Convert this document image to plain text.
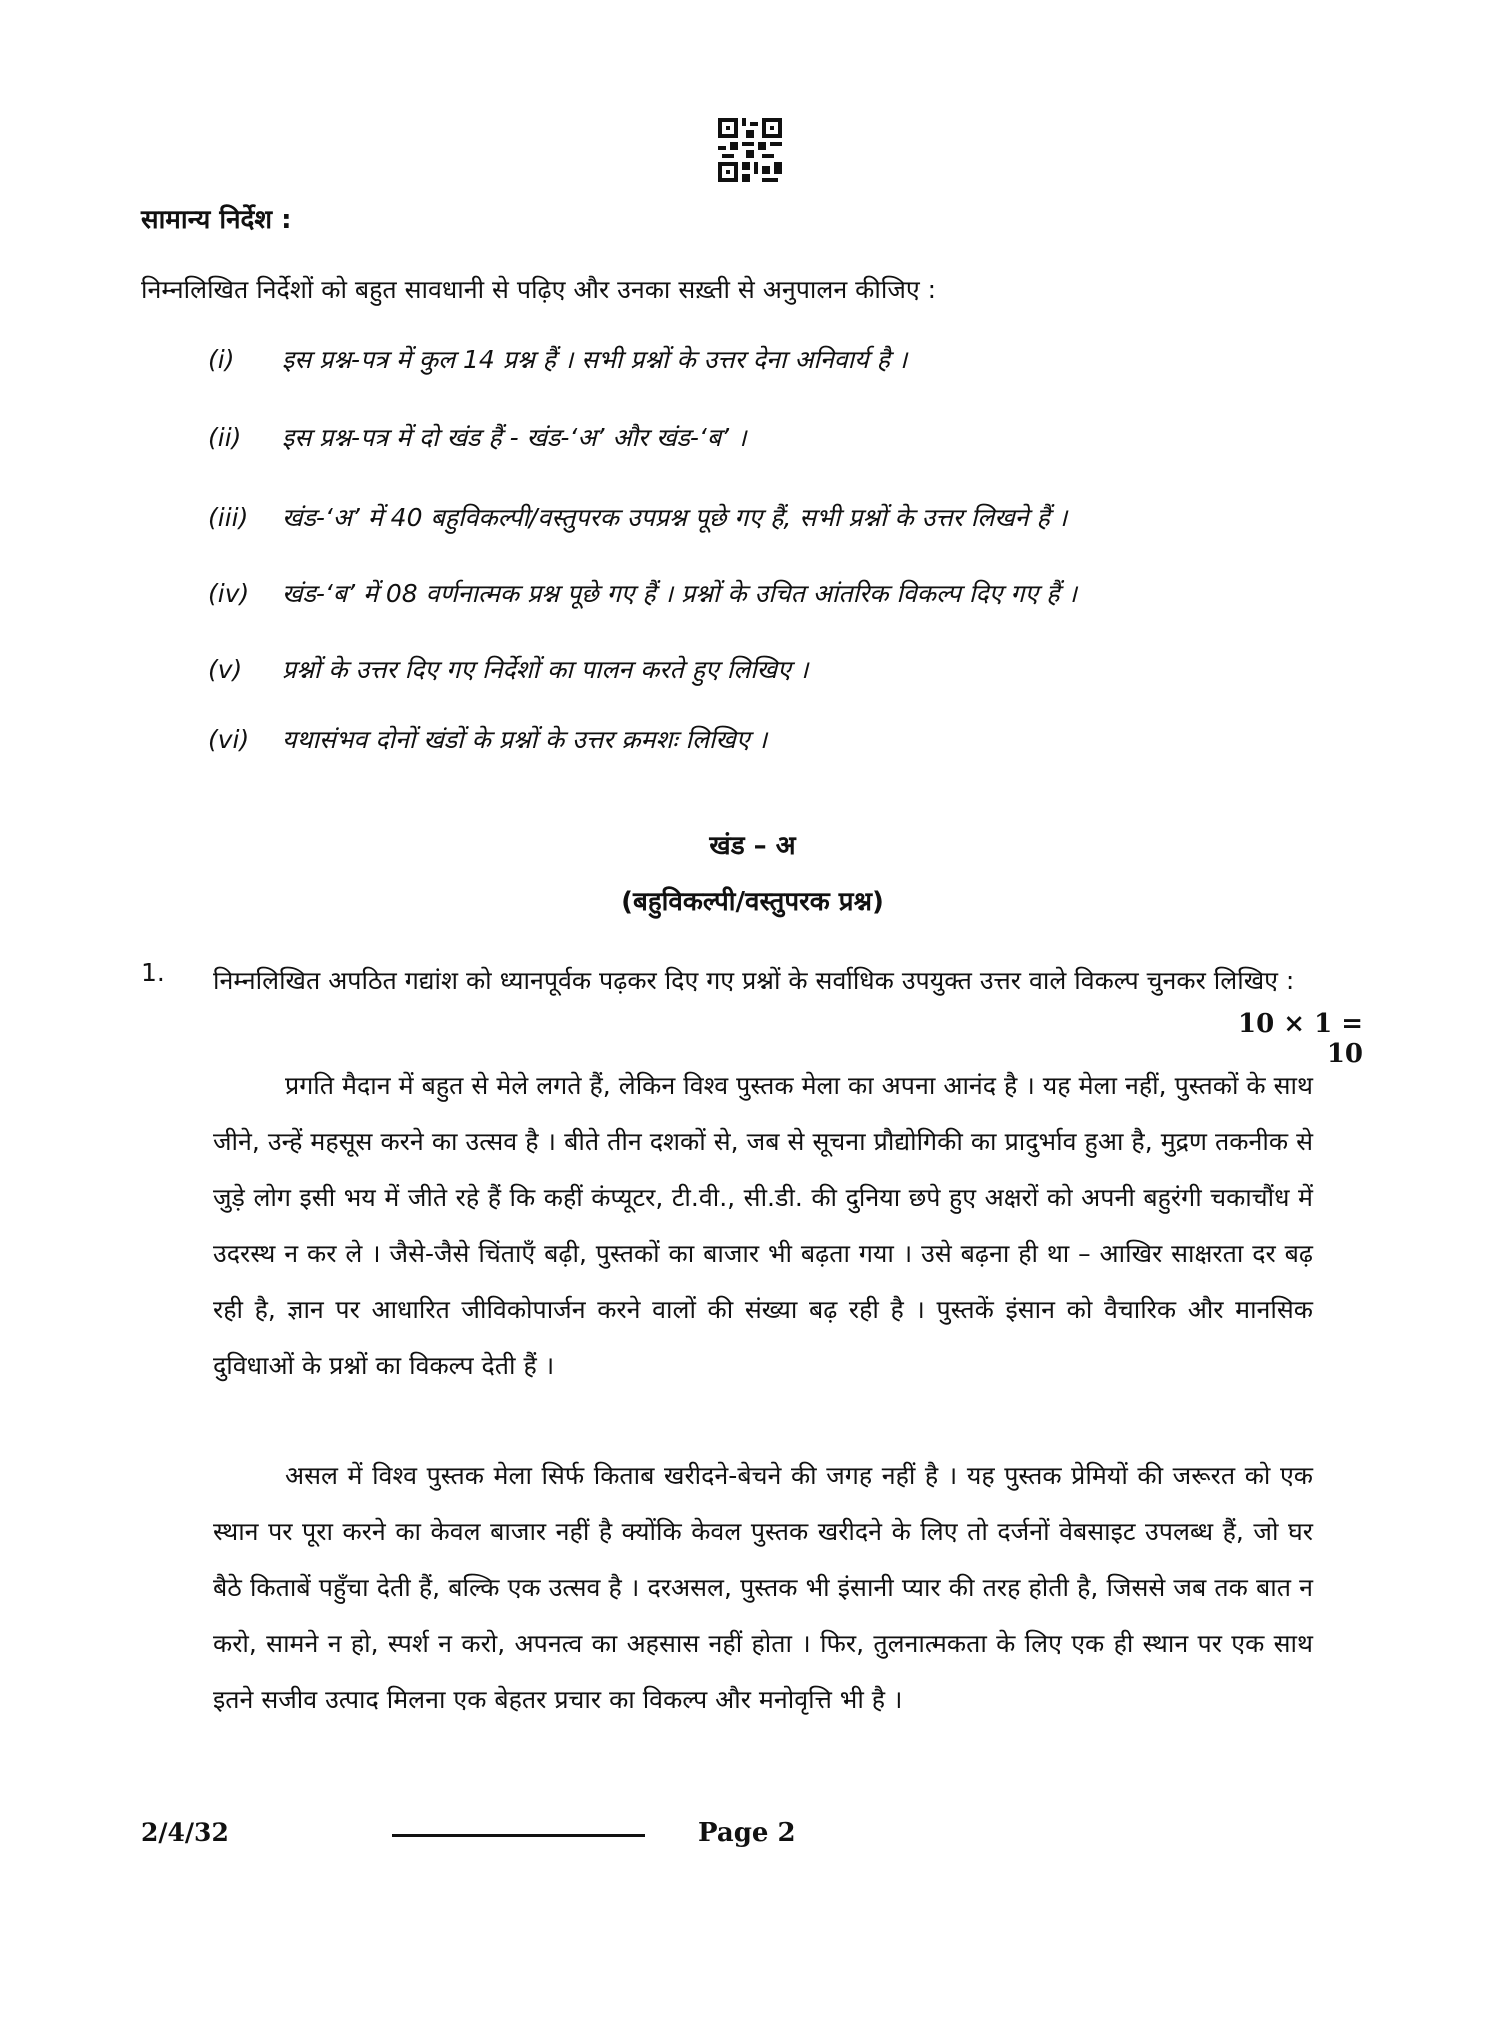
सामान्य निर्देश :
निम्नलिखित निर्देशों को बहुत सावधानी से पढ़िए और उनका सख़्ती से अनुपालन कीजिए :
(i) इस प्रश्न-पत्र में कुल 14 प्रश्न हैं । सभी प्रश्नों के उत्तर देना अनिवार्य है ।
(ii) इस प्रश्न-पत्र में दो खंड हैं - खंड-‘अ’ और खंड-‘ब’ ।
(iii) खंड-‘अ’ में 40 बहुविकल्पी/वस्तुपरक उपप्रश्न पूछे गए हैं, सभी प्रश्नों के उत्तर लिखने हैं ।
(iv) खंड-‘ब’ में 08 वर्णनात्मक प्रश्न पूछे गए हैं । प्रश्नों के उचित आंतरिक विकल्प दिए गए हैं ।
(v) प्रश्नों के उत्तर दिए गए निर्देशों का पालन करते हुए लिखिए ।
(vi) यथासंभव दोनों खंडों के प्रश्नों के उत्तर क्रमशः लिखिए ।
खंड – अ
(बहुविकल्पी/वस्तुपरक प्रश्न)
1. निम्नलिखित अपठित गद्यांश को ध्यानपूर्वक पढ़कर दिए गए प्रश्नों के सर्वाधिक उपयुक्त उत्तर वाले विकल्प चुनकर लिखिए :
10 × 1 = 10
प्रगति मैदान में बहुत से मेले लगते हैं, लेकिन विश्व पुस्तक मेला का अपना आनंद है । यह मेला नहीं, पुस्तकों के साथ जीने, उन्हें महसूस करने का उत्सव है । बीते तीन दशकों से, जब से सूचना प्रौद्योगिकी का प्रादुर्भाव हुआ है, मुद्रण तकनीक से जुड़े लोग इसी भय में जीते रहे हैं कि कहीं कंप्यूटर, टी.वी., सी.डी. की दुनिया छपे हुए अक्षरों को अपनी बहुरंगी चकाचौंध में उदरस्थ न कर ले । जैसे-जैसे चिंताएँ बढ़ी, पुस्तकों का बाजार भी बढ़ता गया । उसे बढ़ना ही था – आखिर साक्षरता दर बढ़ रही है, ज्ञान पर आधारित जीविकोपार्जन करने वालों की संख्या बढ़ रही है । पुस्तकें इंसान को वैचारिक और मानसिक दुविधाओं के प्रश्नों का विकल्प देती हैं ।
असल में विश्व पुस्तक मेला सिर्फ किताब खरीदने-बेचने की जगह नहीं है । यह पुस्तक प्रेमियों की जरूरत को एक स्थान पर पूरा करने का केवल बाजार नहीं है क्योंकि केवल पुस्तक खरीदने के लिए तो दर्जनों वेबसाइट उपलब्ध हैं, जो घर बैठे किताबें पहुँचा देती हैं, बल्कि एक उत्सव है । दरअसल, पुस्तक भी इंसानी प्यार की तरह होती है, जिससे जब तक बात न करो, सामने न हो, स्पर्श न करो, अपनत्व का अहसास नहीं होता । फिर, तुलनात्मकता के लिए एक ही स्थान पर एक साथ इतने सजीव उत्पाद मिलना एक बेहतर प्रचार का विकल्प और मनोवृत्ति भी है ।
2/4/32	Page 2
